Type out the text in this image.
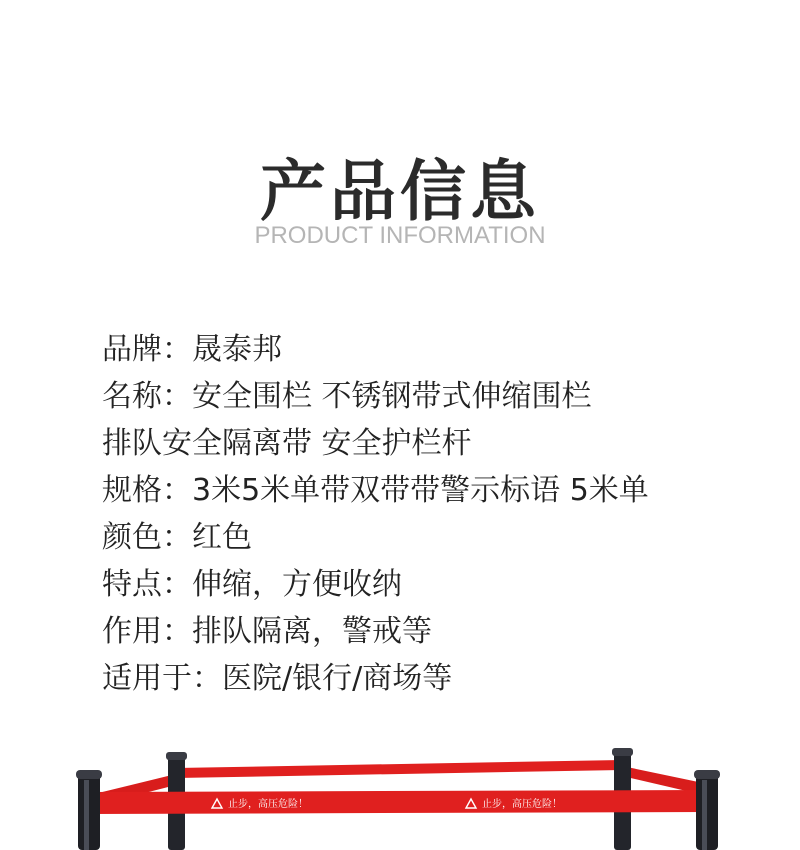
产品信息
PRODUCT INFORMATION
品牌：晟泰邦
名称：安全围栏 不锈钢带式伸缩围栏
排队安全隔离带 安全护栏杆
规格：3米5米单带双带带警示标语 5米单
颜色：红色
特点：伸缩，方便收纳
作用：排队隔离，警戒等
适用于：医院/银行/商场等
止步，高压危险！	止步，高压危险！
